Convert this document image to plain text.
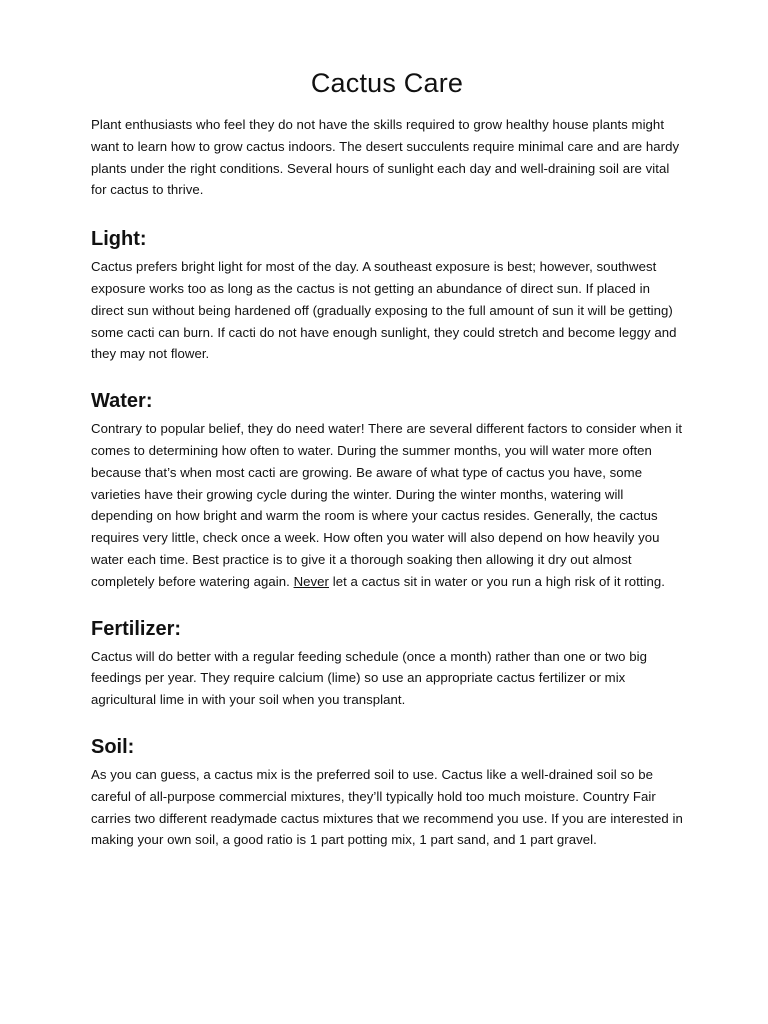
Cactus Care

Plant enthusiasts who feel they do not have the skills required to grow healthy house plants might want to learn how to grow cactus indoors. The desert succulents require minimal care and are hardy plants under the right conditions. Several hours of sunlight each day and well-draining soil are vital for cactus to thrive.

Light:

Cactus prefers bright light for most of the day. A southeast exposure is best; however, southwest exposure works too as long as the cactus is not getting an abundance of direct sun. If placed in direct sun without being hardened off (gradually exposing to the full amount of sun it will be getting) some cacti can burn. If cacti do not have enough sunlight, they could stretch and become leggy and they may not flower.

Water:

Contrary to popular belief, they do need water! There are several different factors to consider when it comes to determining how often to water. During the summer months, you will water more often because that’s when most cacti are growing. Be aware of what type of cactus you have, some varieties have their growing cycle during the winter. During the winter months, watering will depending on how bright and warm the room is where your cactus resides. Generally, the cactus requires very little, check once a week. How often you water will also depend on how heavily you water each time. Best practice is to give it a thorough soaking then allowing it dry out almost completely before watering again. Never let a cactus sit in water or you run a high risk of it rotting.

Fertilizer:

Cactus will do better with a regular feeding schedule (once a month) rather than one or two big feedings per year. They require calcium (lime) so use an appropriate cactus fertilizer or mix agricultural lime in with your soil when you transplant.

Soil:

As you can guess, a cactus mix is the preferred soil to use. Cactus like a well-drained soil so be careful of all-purpose commercial mixtures, they’ll typically hold too much moisture. Country Fair carries two different readymade cactus mixtures that we recommend you use. If you are interested in making your own soil, a good ratio is 1 part potting mix, 1 part sand, and 1 part gravel.
